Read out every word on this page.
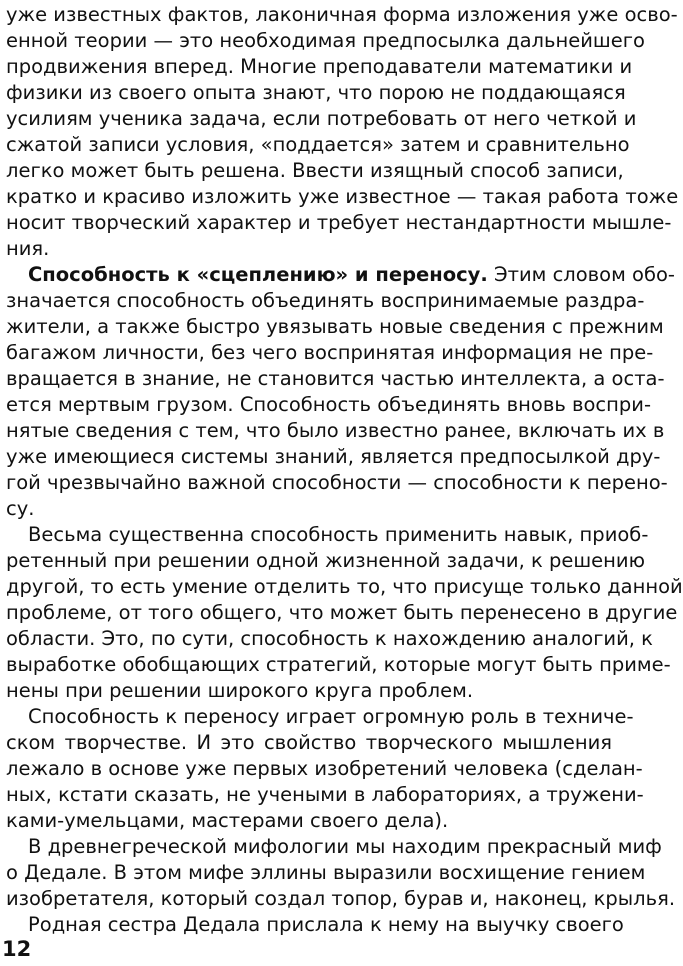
уже известных фактов, лаконичная форма изложения уже осво-
енной теории — это необходимая предпосылка дальнейшего
продвижения вперед. Многие преподаватели математики и
физики из своего опыта знают, что порою не поддающаяся
усилиям ученика задача, если потребовать от него четкой и
сжатой записи условия, «поддается» затем и сравнительно
легко может быть решена. Ввести изящный способ записи,
кратко и красиво изложить уже известное — такая работа тоже
носит творческий характер и требует нестандартности мышле-
ния.
Способность к «сцеплению» и переносу. Этим словом обо-
значается способность объединять воспринимаемые раздра-
жители, а также быстро увязывать новые сведения с прежним
багажом личности, без чего воспринятая информация не пре-
вращается в знание, не становится частью интеллекта, а оста-
ется мертвым грузом. Способность объединять вновь воспри-
нятые сведения с тем, что было известно ранее, включать их в
уже имеющиеся системы знаний, является предпосылкой дру-
гой чрезвычайно важной способности — способности к перено-
су.
Весьма существенна способность применить навык, приоб-
ретенный при решении одной жизненной задачи, к решению
другой, то есть умение отделить то, что присуще только данной
проблеме, от того общего, что может быть перенесено в другие
области. Это, по сути, способность к нахождению аналогий, к
выработке обобщающих стратегий, которые могут быть приме-
нены при решении широкого круга проблем.
Способность к переносу играет огромную роль в техниче-
ском творчестве. И это свойство творческого мышления
лежало в основе уже первых изобретений человека (сделан-
ных, кстати сказать, не учеными в лабораториях, а тружени-
ками-умельцами, мастерами своего дела).
В древнегреческой мифологии мы находим прекрасный миф
о Дедале. В этом мифе эллины выразили восхищение гением
изобретателя, который создал топор, бурав и, наконец, крылья.
Родная сестра Дедала прислала к нему на выучку своего
12
